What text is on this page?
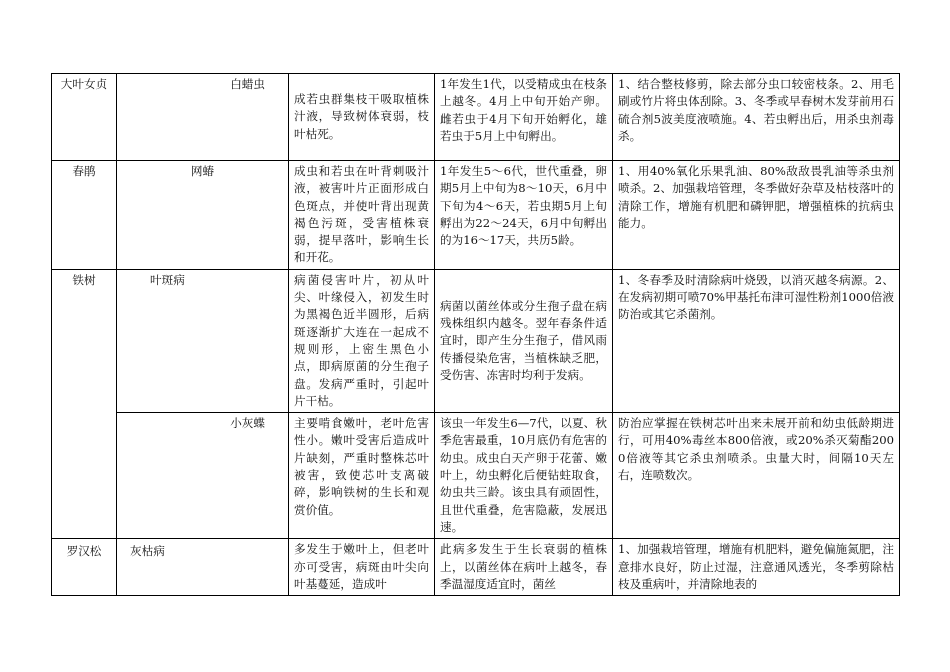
大叶女贞	白蜡虫	成若虫群集枝干吸取植株汁液，导致树体衰弱，枝叶枯死。	1年发生1代，以受精成虫在枝条上越冬。4月上中旬开始产卵。雌若虫于4月下旬开始孵化，雄若虫于5月上中旬孵出。	1、结合整枝修剪，除去部分虫口较密枝条。2、用毛刷或竹片将虫体刮除。3、冬季或早春树木发芽前用石硫合剂5波美度液喷施。4、若虫孵出后，用杀虫剂毒杀。
春鹃	网蝽	成虫和若虫在叶背刺吸汁液，被害叶片正面形成白色斑点，并使叶背出现黄褐色污斑，受害植株衰弱，提早落叶，影响生长和开花。	1年发生5～6代，世代重叠，卵期5月上中旬为8～10天，6月中下旬为4～6天，若虫期5月上旬孵出为22～24天，6月中旬孵出的为16～17天，共历5龄。	1、用40%氧化乐果乳油、80%敌敌畏乳油等杀虫剂喷杀。2、加强栽培管理，冬季做好杂草及枯枝落叶的清除工作，增施有机肥和磷钾肥，增强植株的抗病虫能力。
铁树	叶斑病	病菌侵害叶片，初从叶尖、叶缘侵入，初发生时为黑褐色近半圆形，后病斑逐渐扩大连在一起成不规则形，上密生黑色小点，即病原菌的分生孢子盘。发病严重时，引起叶片干枯。	病菌以菌丝体或分生孢子盘在病残株组织内越冬。翌年春条件适宜时，即产生分生孢子，借风雨传播侵染危害，当植株缺乏肥，受伤害、冻害时均利于发病。	1、冬春季及时清除病叶烧毁，以消灭越冬病源。2、在发病初期可喷70%甲基托布津可湿性粉剂1000倍液防治或其它杀菌剂。

	小灰蝶	主要啃食嫩叶，老叶危害性小。嫩叶受害后造成叶片缺刻，严重时整株芯叶被害，致使芯叶支离破碎，影响铁树的生长和观赏价值。	该虫一年发生6—7代，以夏、秋季危害最重，10月底仍有危害的幼虫。成虫白天产卵于花蕾、嫩叶上，幼虫孵化后便钻蛀取食，幼虫共三龄。该虫具有顽固性，且世代重叠，危害隐蔽，发展迅速。	防治应掌握在铁树芯叶出来未展开前和幼虫低龄期进行，可用40%毒丝本800倍液，或20%杀灭菊酯2000倍液等其它杀虫剂喷杀。虫量大时，间隔10天左右，连喷数次。
罗汉松	灰枯病	多发生于嫩叶上，但老叶亦可受害，病斑由叶尖向叶基蔓延，造成叶	此病多发生于生长衰弱的植株上，以菌丝体在病叶上越冬，春季温湿度适宜时，菌丝	1、加强栽培管理，增施有机肥料，避免偏施氮肥，注意排水良好，防止过湿，注意通风透光，冬季剪除枯枝及重病叶，并清除地表的
